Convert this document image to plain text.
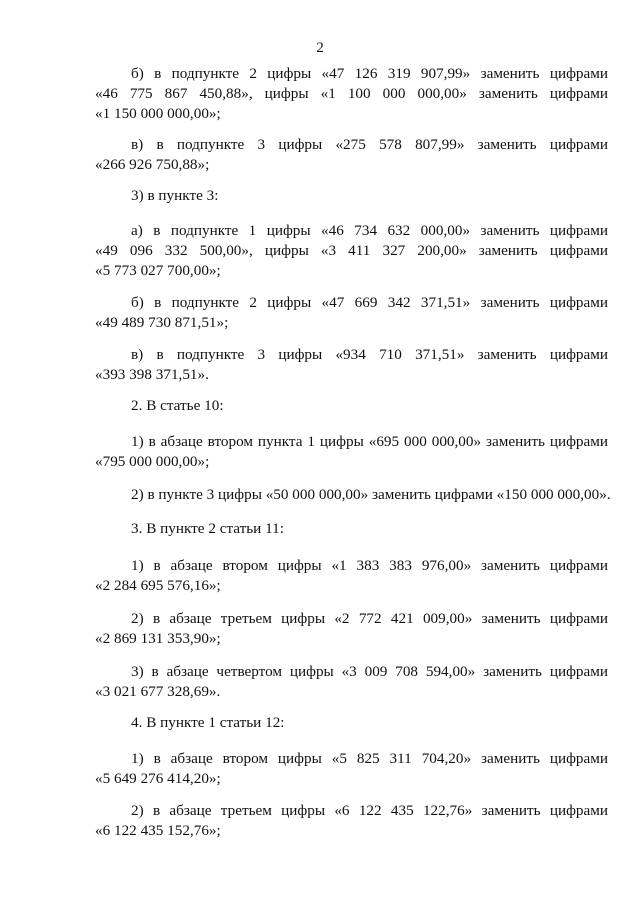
2
б) в подпункте 2 цифры «47 126 319 907,99» заменить цифрами
«46 775 867 450,88», цифры «1 100 000 000,00» заменить цифрами
«1 150 000 000,00»;
в) в подпункте 3 цифры «275 578 807,99» заменить цифрами
«266 926 750,88»;
3) в пункте 3:
а) в подпункте 1 цифры «46 734 632 000,00» заменить цифрами
«49 096 332 500,00», цифры «3 411 327 200,00» заменить цифрами
«5 773 027 700,00»;
б) в подпункте 2 цифры «47 669 342 371,51» заменить цифрами
«49 489 730 871,51»;
в) в подпункте 3 цифры «934 710 371,51» заменить цифрами
«393 398 371,51».
2. В статье 10:
1) в абзаце втором пункта 1 цифры «695 000 000,00» заменить цифрами
«795 000 000,00»;
2) в пункте 3 цифры «50 000 000,00» заменить цифрами «150 000 000,00».
3. В пункте 2 статьи 11:
1) в абзаце втором цифры «1 383 383 976,00» заменить цифрами
«2 284 695 576,16»;
2) в абзаце третьем цифры «2 772 421 009,00» заменить цифрами
«2 869 131 353,90»;
3) в абзаце четвертом цифры «3 009 708 594,00» заменить цифрами
«3 021 677 328,69».
4. В пункте 1 статьи 12:
1) в абзаце втором цифры «5 825 311 704,20» заменить цифрами
«5 649 276 414,20»;
2) в абзаце третьем цифры «6 122 435 122,76» заменить цифрами
«6 122 435 152,76»;
